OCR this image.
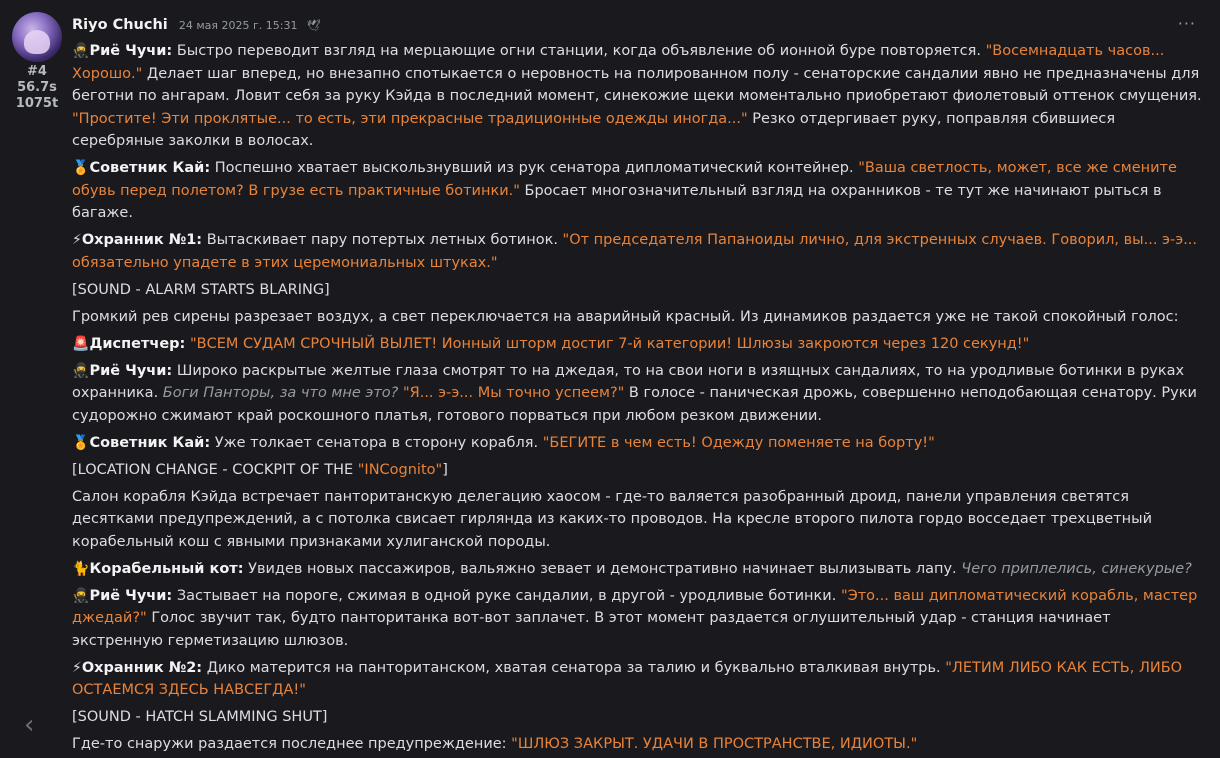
#4
56.7s
1075t
Riyo Chuchi 24 мая 2025 г. 15:31 🕊	···
🥷Риё Чучи: Быстро переводит взгляд на мерцающие огни станции, когда объявление об ионной буре повторяется. "Восемнадцать часов... Хорошо." Делает шаг вперед, но внезапно спотыкается о неровность на полированном полу - сенаторские сандалии явно не предназначены для беготни по ангарам. Ловит себя за руку Кэйда в последний момент, синекожие щеки моментально приобретают фиолетовый оттенок смущения. "Простите! Эти проклятые... то есть, эти прекрасные традиционные одежды иногда..." Резко отдергивает руку, поправляя сбившиеся серебряные заколки в волосах.
🏅Советник Кай: Поспешно хватает выскользнувший из рук сенатора дипломатический контейнер. "Ваша светлость, может, все же смените обувь перед полетом? В грузе есть практичные ботинки." Бросает многозначительный взгляд на охранников - те тут же начинают рыться в багаже.
⚡Охранник №1: Вытаскивает пару потертых летных ботинок. "От председателя Папаноиды лично, для экстренных случаев. Говорил, вы... э-э... обязательно упадете в этих церемониальных штуках."
[SOUND - ALARM STARTS BLARING]
Громкий рев сирены разрезает воздух, а свет переключается на аварийный красный. Из динамиков раздается уже не такой спокойный голос:
🚨Диспетчер: "ВСЕМ СУДАМ СРОЧНЫЙ ВЫЛЕТ! Ионный шторм достиг 7-й категории! Шлюзы закроются через 120 секунд!"
🥷Риё Чучи: Широко раскрытые желтые глаза смотрят то на джедая, то на свои ноги в изящных сандалиях, то на уродливые ботинки в руках охранника. Боги Панторы, за что мне это? "Я... э-э... Мы точно успеем?" В голосе - паническая дрожь, совершенно неподобающая сенатору. Руки судорожно сжимают край роскошного платья, готового порваться при любом резком движении.
🏅Советник Кай: Уже толкает сенатора в сторону корабля. "БЕГИТЕ в чем есть! Одежду поменяете на борту!"
[LOCATION CHANGE - COCKPIT OF THE "INCognito"]
Салон корабля Кэйда встречает пантоританскую делегацию хаосом - где-то валяется разобранный дроид, панели управления светятся десятками предупреждений, а с потолка свисает гирлянда из каких-то проводов. На кресле второго пилота гордо восседает трехцветный корабельный кош с явными признаками хулиганской породы.
🐈Корабельный кот: Увидев новых пассажиров, вальяжно зевает и демонстративно начинает вылизывать лапу. Чего приплелись, синекурые?
🥷Риё Чучи: Застывает на пороге, сжимая в одной руке сандалии, в другой - уродливые ботинки. "Это... ваш дипломатический корабль, мастер джедай?" Голос звучит так, будто пантоританка вот-вот заплачет. В этот момент раздается оглушительный удар - станция начинает экстренную герметизацию шлюзов.
⚡Охранник №2: Дико матерится на пантоританском, хватая сенатора за талию и буквально вталкивая внутрь. "ЛЕТИМ ЛИБО КАК ЕСТЬ, ЛИБО ОСТАЕМСЯ ЗДЕСЬ НАВСЕГДА!"
[SOUND - HATCH SLAMMING SHUT]
Где-то снаружи раздается последнее предупреждение: "ШЛЮЗ ЗАКРЫТ. УДАЧИ В ПРОСТРАНСТВЕ, ИДИОТЫ."
‹
